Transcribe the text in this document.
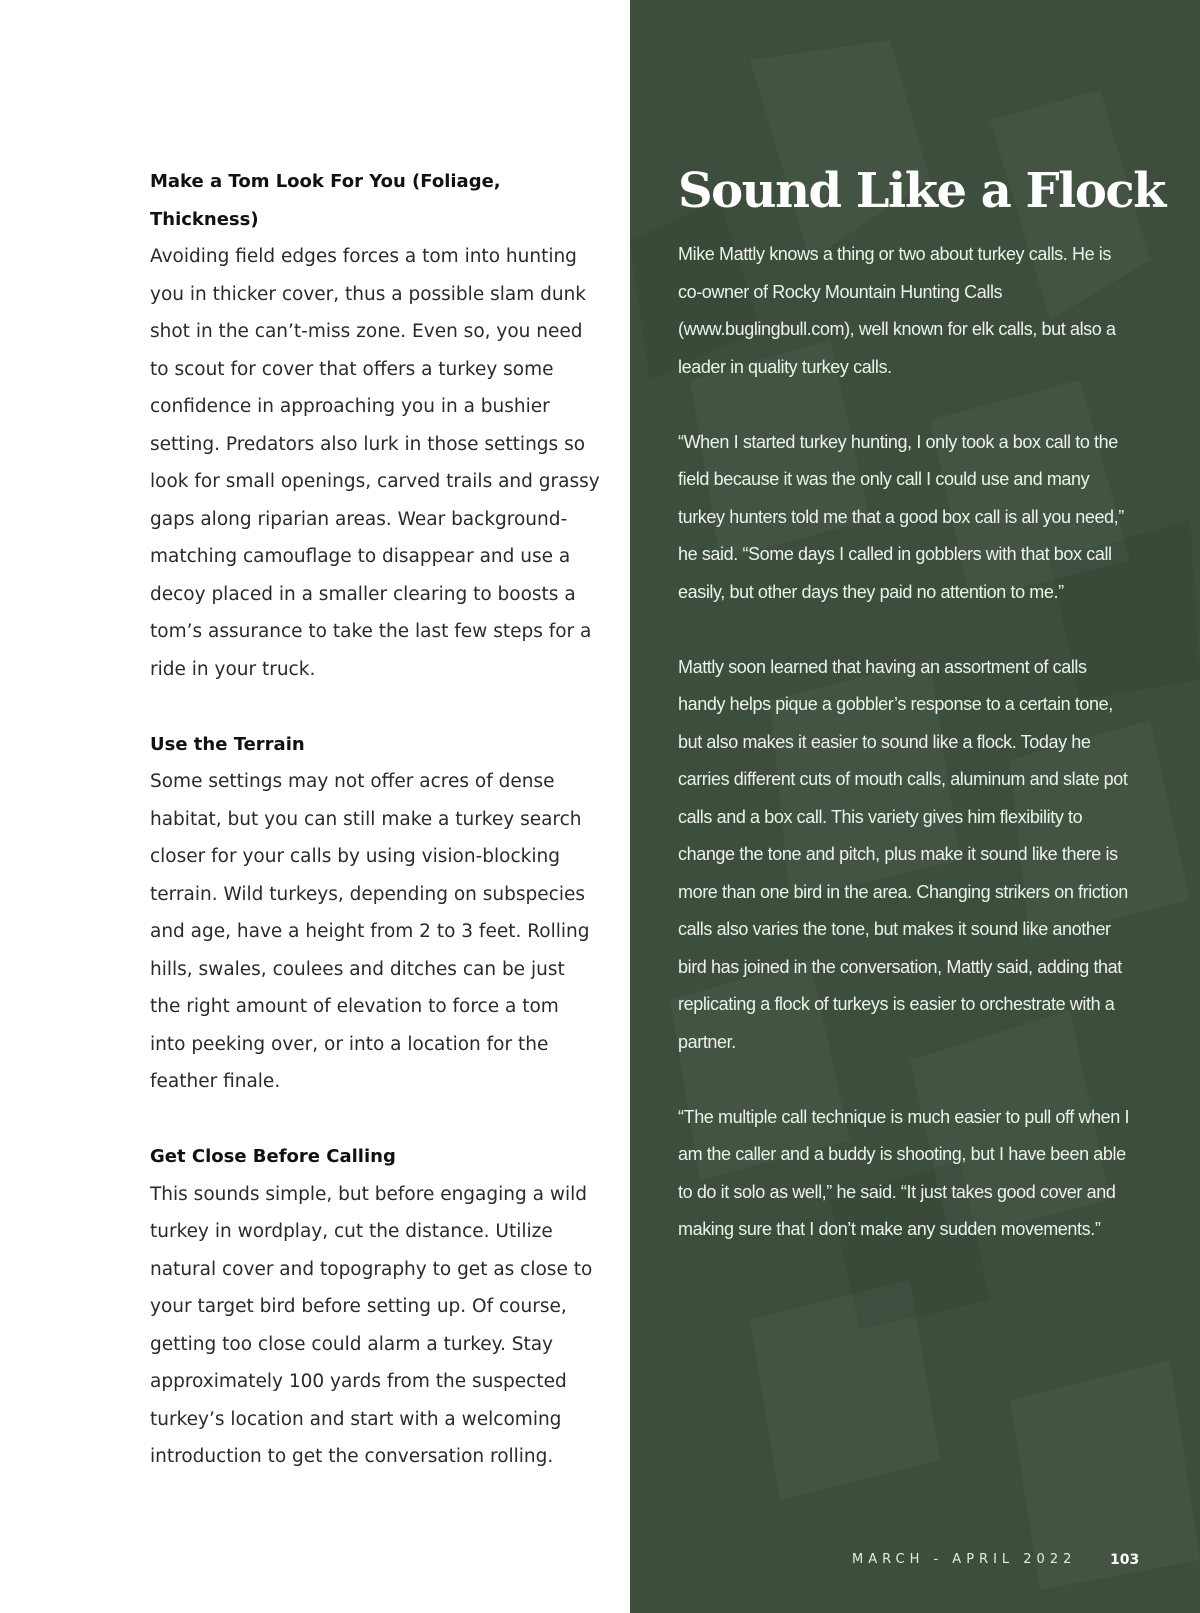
Make a Tom Look For You (Foliage, Thickness)
Avoiding field edges forces a tom into hunting you in thicker cover, thus a possible slam dunk shot in the can’t-miss zone. Even so, you need to scout for cover that offers a turkey some confidence in approaching you in a bushier setting. Predators also lurk in those settings so look for small openings, carved trails and grassy gaps along riparian areas. Wear background-matching camouflage to disappear and use a decoy placed in a smaller clearing to boosts a tom’s assurance to take the last few steps for a ride in your truck.
Use the Terrain
Some settings may not offer acres of dense habitat, but you can still make a turkey search closer for your calls by using vision-blocking terrain. Wild turkeys, depending on subspecies and age, have a height from 2 to 3 feet. Rolling hills, swales, coulees and ditches can be just the right amount of elevation to force a tom into peeking over, or into a location for the feather finale.
Get Close Before Calling
This sounds simple, but before engaging a wild turkey in wordplay, cut the distance. Utilize natural cover and topography to get as close to your target bird before setting up. Of course, getting too close could alarm a turkey. Stay approximately 100 yards from the suspected turkey’s location and start with a welcoming introduction to get the conversation rolling.
Sound Like a Flock

Mike Mattly knows a thing or two about turkey calls. He is co-owner of Rocky Mountain Hunting Calls (www.buglingbull.com), well known for elk calls, but also a leader in quality turkey calls.

“When I started turkey hunting, I only took a box call to the field because it was the only call I could use and many turkey hunters told me that a good box call is all you need,” he said. “Some days I called in gobblers with that box call easily, but other days they paid no attention to me.”

Mattly soon learned that having an assortment of calls handy helps pique a gobbler’s response to a certain tone, but also makes it easier to sound like a flock. Today he carries different cuts of mouth calls, aluminum and slate pot calls and a box call. This variety gives him flexibility to change the tone and pitch, plus make it sound like there is more than one bird in the area. Changing strikers on friction calls also varies the tone, but makes it sound like another bird has joined in the conversation, Mattly said, adding that replicating a flock of turkeys is easier to orchestrate with a partner.

“The multiple call technique is much easier to pull off when I am the caller and a buddy is shooting, but I have been able to do it solo as well,” he said. “It just takes good cover and making sure that I don’t make any sudden movements.”

MARCH - APRIL 2022 103
